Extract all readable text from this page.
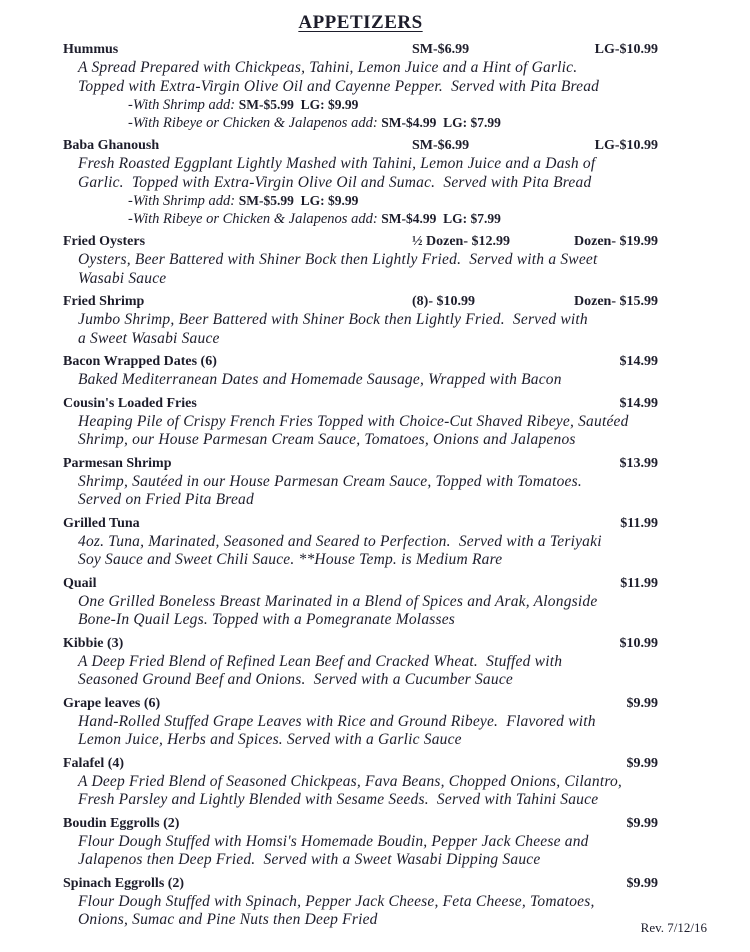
APPETIZERS
Hummus	SM-$6.99	LG-$10.99
A Spread Prepared with Chickpeas, Tahini, Lemon Juice and a Hint of Garlic.
Topped with Extra-Virgin Olive Oil and Cayenne Pepper.  Served with Pita Bread
-With Shrimp add: SM-$5.99  LG: $9.99
-With Ribeye or Chicken & Jalapenos add: SM-$4.99  LG: $7.99
Baba Ghanoush	SM-$6.99	LG-$10.99
Fresh Roasted Eggplant Lightly Mashed with Tahini, Lemon Juice and a Dash of
Garlic.  Topped with Extra-Virgin Olive Oil and Sumac.  Served with Pita Bread
-With Shrimp add: SM-$5.99  LG: $9.99
-With Ribeye or Chicken & Jalapenos add: SM-$4.99  LG: $7.99
Fried Oysters	½ Dozen- $12.99	Dozen- $19.99
Oysters, Beer Battered with Shiner Bock then Lightly Fried.  Served with a Sweet
Wasabi Sauce
Fried Shrimp	(8)- $10.99	Dozen- $15.99
Jumbo Shrimp, Beer Battered with Shiner Bock then Lightly Fried.  Served with
a Sweet Wasabi Sauce
Bacon Wrapped Dates (6)	$14.99
Baked Mediterranean Dates and Homemade Sausage, Wrapped with Bacon
Cousin's Loaded Fries	$14.99
Heaping Pile of Crispy French Fries Topped with Choice-Cut Shaved Ribeye, Sautéed
Shrimp, our House Parmesan Cream Sauce, Tomatoes, Onions and Jalapenos
Parmesan Shrimp	$13.99
Shrimp, Sautéed in our House Parmesan Cream Sauce, Topped with Tomatoes.
Served on Fried Pita Bread
Grilled Tuna	$11.99
4oz. Tuna, Marinated, Seasoned and Seared to Perfection.  Served with a Teriyaki
Soy Sauce and Sweet Chili Sauce. **House Temp. is Medium Rare
Quail	$11.99
One Grilled Boneless Breast Marinated in a Blend of Spices and Arak, Alongside
Bone-In Quail Legs. Topped with a Pomegranate Molasses
Kibbie (3)	$10.99
A Deep Fried Blend of Refined Lean Beef and Cracked Wheat.  Stuffed with
Seasoned Ground Beef and Onions.  Served with a Cucumber Sauce
Grape leaves (6)	$9.99
Hand-Rolled Stuffed Grape Leaves with Rice and Ground Ribeye.  Flavored with
Lemon Juice, Herbs and Spices. Served with a Garlic Sauce
Falafel (4)	$9.99
A Deep Fried Blend of Seasoned Chickpeas, Fava Beans, Chopped Onions, Cilantro,
Fresh Parsley and Lightly Blended with Sesame Seeds.  Served with Tahini Sauce
Boudin Eggrolls (2)	$9.99
Flour Dough Stuffed with Homsi's Homemade Boudin, Pepper Jack Cheese and
Jalapenos then Deep Fried.  Served with a Sweet Wasabi Dipping Sauce
Spinach Eggrolls (2)	$9.99
Flour Dough Stuffed with Spinach, Pepper Jack Cheese, Feta Cheese, Tomatoes,
Onions, Sumac and Pine Nuts then Deep Fried	Rev. 7/12/16
